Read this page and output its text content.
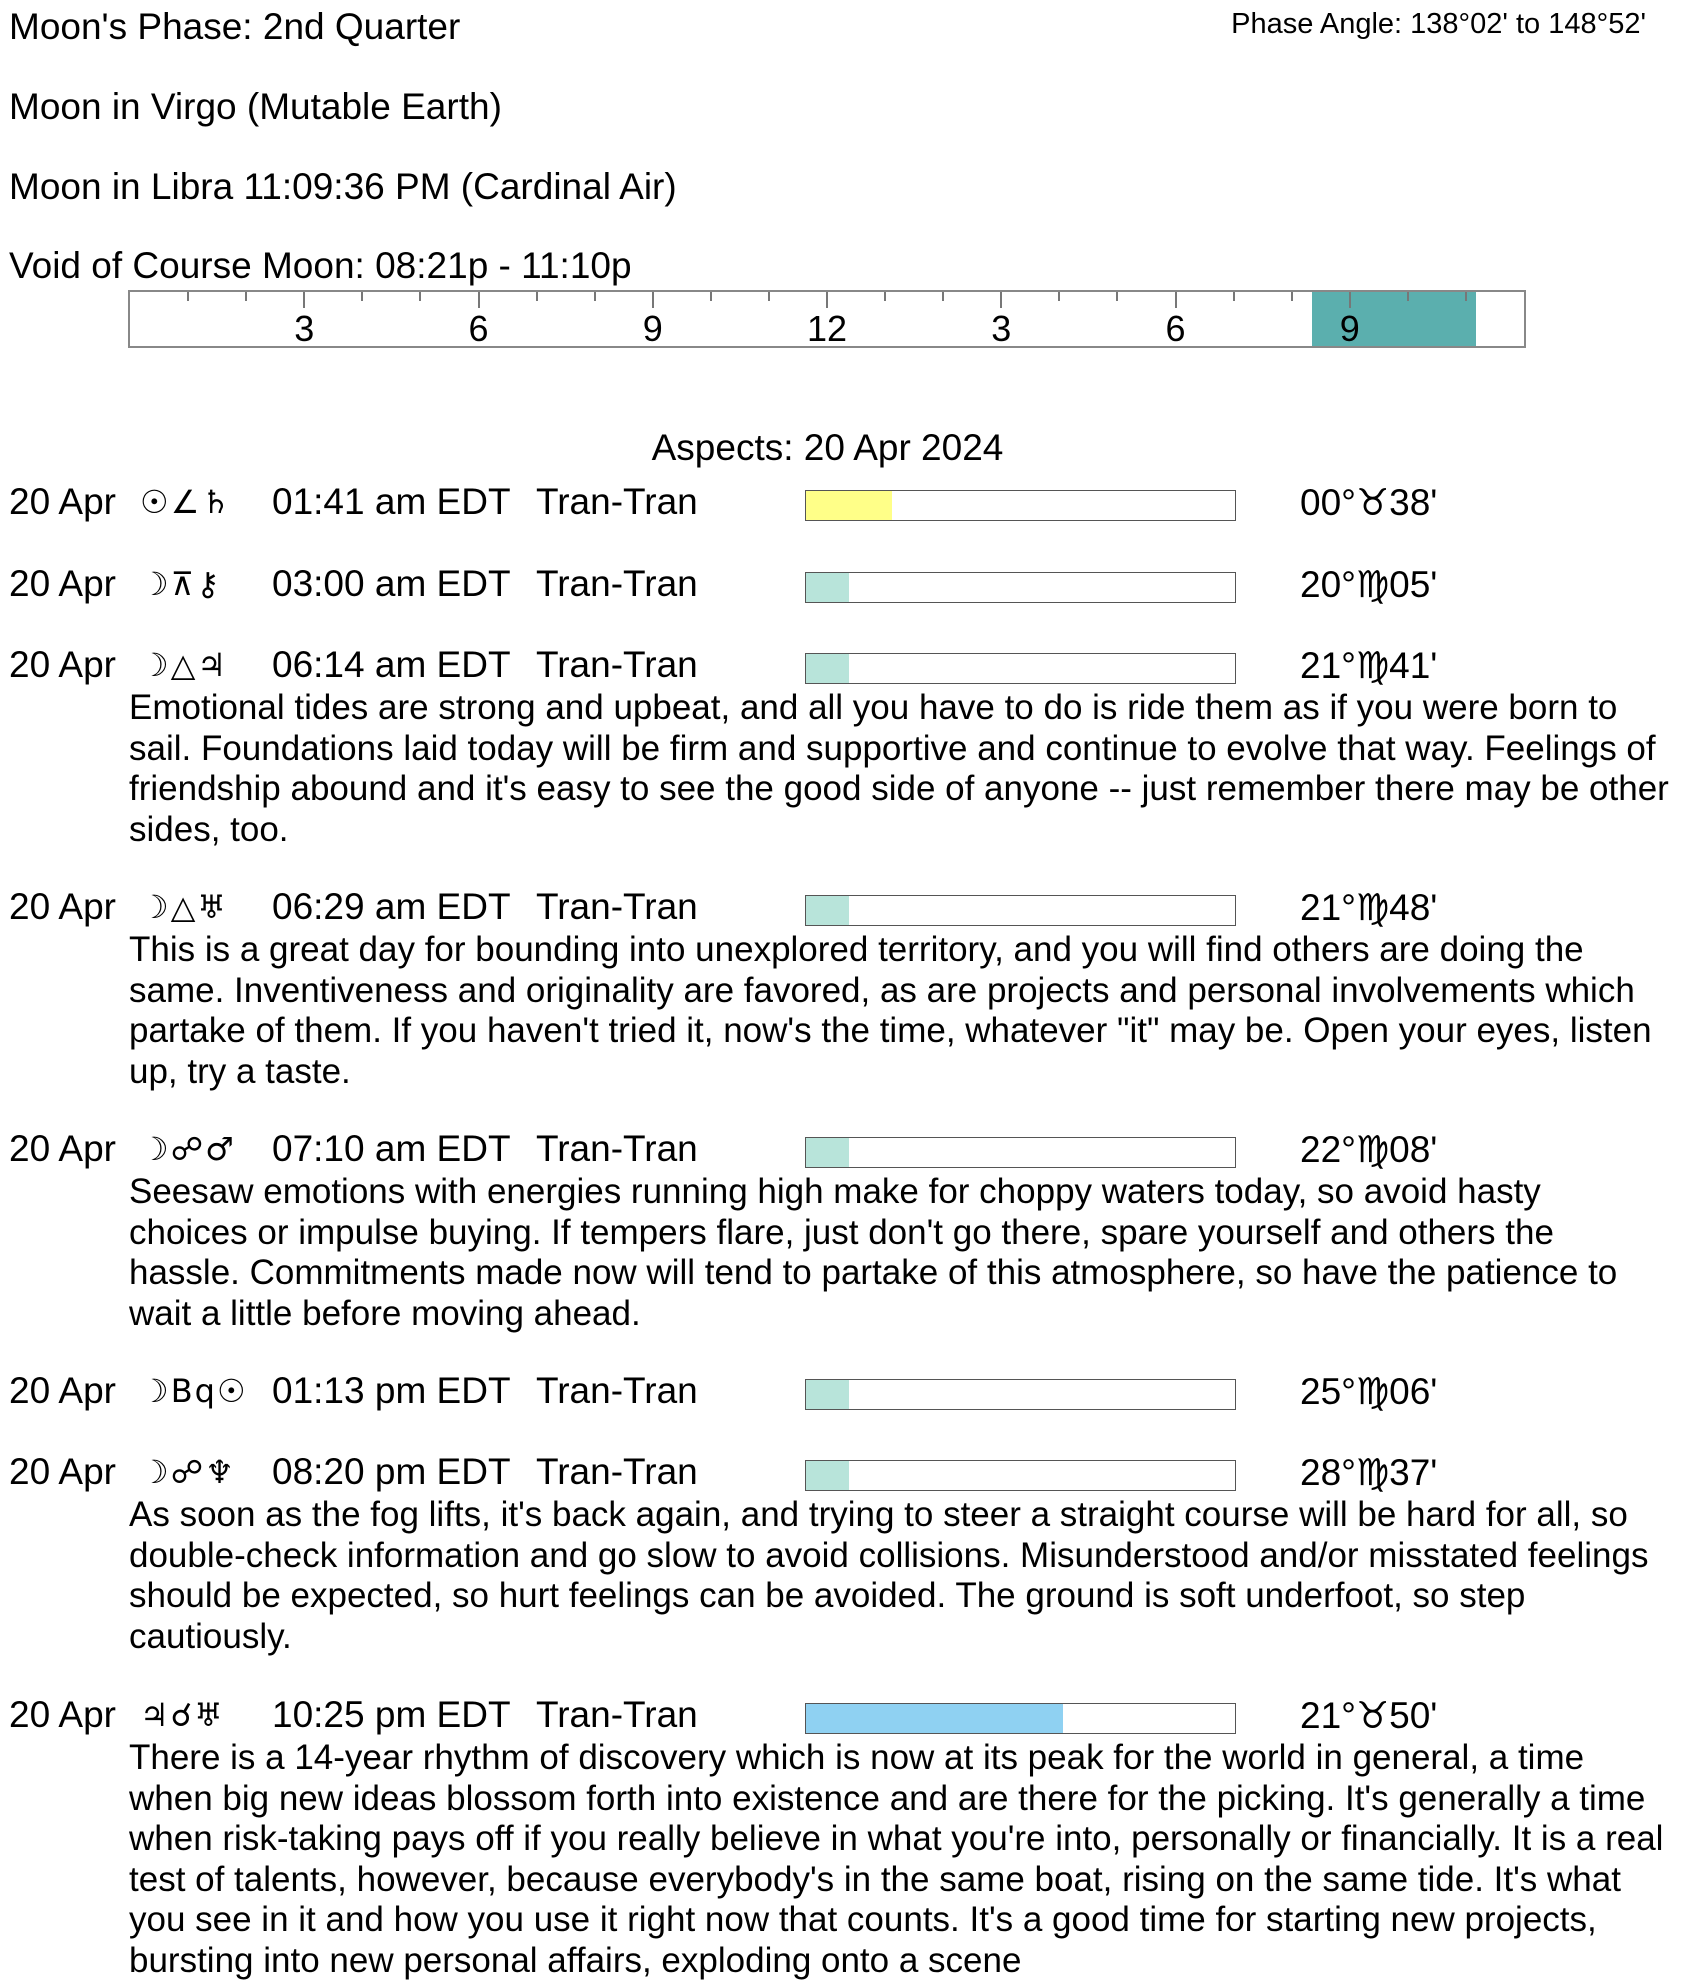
Moon's Phase: 2nd Quarter	Phase Angle: 138°02' to 148°52'
Moon in Virgo (Mutable Earth)
Moon in Libra 11:09:36 PM (Cardinal Air)
Void of Course Moon: 08:21p - 11:10p
3	6	9	12	3	6	9
Aspects: 20 Apr 2024
20 Apr ☉∠♄	01:41 am EDT Tran-Tran	00°♉38'
20 Apr ☽⊼⚷	03:00 am EDT Tran-Tran	20°♍05'
20 Apr ☽△♃	06:14 am EDT Tran-Tran	21°♍41'
Emotional tides are strong and upbeat, and all you have to do is ride them as if you were born to sail. Foundations laid today will be firm and supportive and continue to evolve that way. Feelings of friendship abound and it's easy to see the good side of anyone -- just remember there may be other sides, too.
20 Apr ☽△♅	06:29 am EDT Tran-Tran	21°♍48'
This is a great day for bounding into unexplored territory, and you will find others are doing the same. Inventiveness and originality are favored, as are projects and personal involvements which partake of them. If you haven't tried it, now's the time, whatever "it" may be. Open your eyes, listen up, try a taste.
20 Apr ☽☍♂ 07:10 am EDT Tran-Tran	22°♍08'
Seesaw emotions with energies running high make for choppy waters today, so avoid hasty choices or impulse buying. If tempers flare, just don't go there, spare yourself and others the hassle. Commitments made now will tend to partake of this atmosphere, so have the patience to wait a little before moving ahead.
20 Apr ☽Bq☉ 01:13 pm EDT Tran-Tran	25°♍06'
20 Apr ☽☍♆ 08:20 pm EDT Tran-Tran	28°♍37'
As soon as the fog lifts, it's back again, and trying to steer a straight course will be hard for all, so double-check information and go slow to avoid collisions. Misunderstood and/or misstated feelings should be expected, so hurt feelings can be avoided. The ground is soft underfoot, so step cautiously.
20 Apr ♃☌♅	10:25 pm EDT Tran-Tran	21°♉50'
There is a 14-year rhythm of discovery which is now at its peak for the world in general, a time when big new ideas blossom forth into existence and are there for the picking. It's generally a time when risk-taking pays off if you really believe in what you're into, personally or financially. It is a real test of talents, however, because everybody's in the same boat, rising on the same tide. It's what you see in it and how you use it right now that counts. It's a good time for starting new projects, bursting into new personal affairs, exploding onto a scene
